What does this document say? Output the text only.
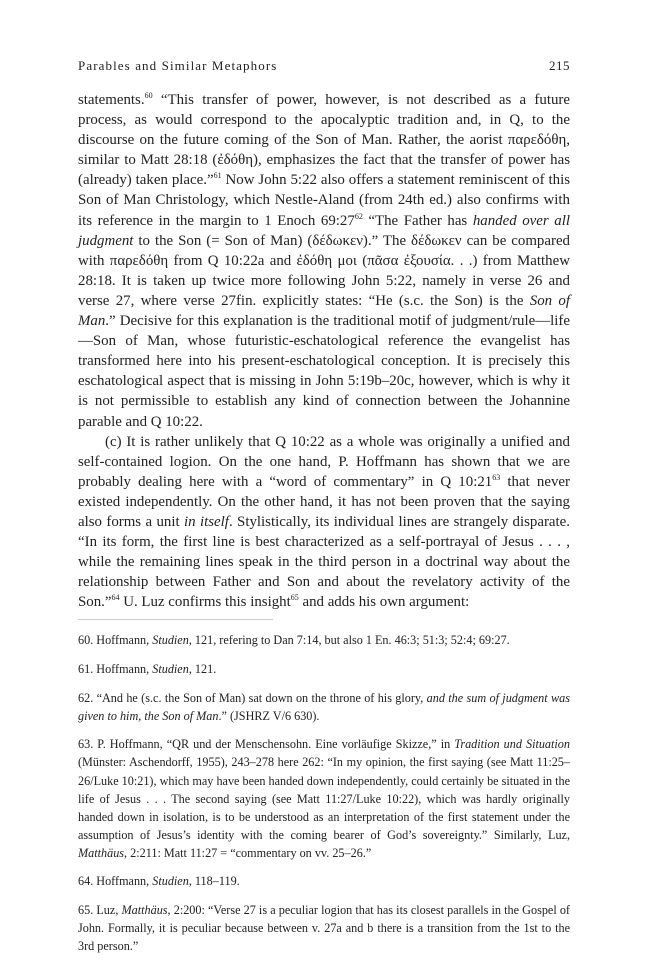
Parables and Similar Metaphors	215

statements.$^{60}$ “This transfer of power, however, is not described as a future process, as would correspond to the apocalyptic tradition and, in Q, to the discourse on the future coming of the Son of Man. Rather, the aorist παρεδόθη, similar to Matt 28:18 (ἐδόθη), emphasizes the fact that the transfer of power has (already) taken place.”$^{61}$ Now John 5:22 also offers a statement reminiscent of this Son of Man Christology, which Nestle-Aland (from 24th ed.) also confirms with its reference in the margin to 1 Enoch $69:27^{62}$ “The Father has handed over all judgment to the Son (= Son of Man) (δέδωκεν).” The δέδωκεν can be compared with παρεδόθη from Q 10:22a and ἐδόθη μοι (πᾶσα ἐξουσία. . .) from Matthew 28:18. It is taken up twice more following John 5:22, namely in verse 26 and verse 27, where verse 27fin. explicitly states: “He (s.c. the Son) is the Son of Man.” Decisive for this explanation is the traditional motif of judgment/rule—life—Son of Man, whose futuristic-eschatological reference the evangelist has transformed here into his present-eschatological conception. It is precisely this eschatological aspect that is missing in John 5:19b–20c, however, which is why it is not permissible to establish any kind of connection between the Johannine parable and Q 10:22.

(c) It is rather unlikely that Q 10:22 as a whole was originally a unified and self-contained logion. On the one hand, P. Hoffmann has shown that we are probably dealing here with a “word of commentary” in Q $10:21^{63}$ that never existed independently. On the other hand, it has not been proven that the saying also forms a unit in itself. Stylistically, its individual lines are strangely disparate. “In its form, the first line is best characterized as a self-portrayal of Jesus . . . , while the remaining lines speak in the third person in a doctrinal way about the relationship between Father and Son and about the revelatory activity of the Son.”$^{64}$ U. Luz confirms this insight$^{65}$ and adds his own argument:

60. Hoffmann, Studien, 121, refering to Dan 7:14, but also 1 En. 46:3; 51:3; 52:4; 69:27.

61. Hoffmann, Studien, 121.

62. “And he (s.c. the Son of Man) sat down on the throne of his glory, and the sum of judgment was given to him, the Son of Man.” (JSHRZ V/6 630).

63. P. Hoffmann, “QR und der Menschensohn. Eine vorläufige Skizze,” in Tradition und Situation (Münster: Aschendorff, 1955), 243–278 here 262: “In my opinion, the first saying (see Matt 11:25–26/Luke 10:21), which may have been handed down independently, could certainly be situated in the life of Jesus . . . The second saying (see Matt 11:27/Luke 10:22), which was hardly originally handed down in isolation, is to be understood as an interpretation of the first statement under the assumption of Jesus’s identity with the coming bearer of God’s sovereignty.” Similarly, Luz, Matthäus, 2:211: Matt 11:27 = “commentary on vv. 25–26.”

64. Hoffmann, Studien, 118–119.

65. Luz, Matthäus, 2:200: “Verse 27 is a peculiar logion that has its closest parallels in the Gospel of John. Formally, it is peculiar because between v. 27a and b there is a transition from the 1st to the 3rd person.”
